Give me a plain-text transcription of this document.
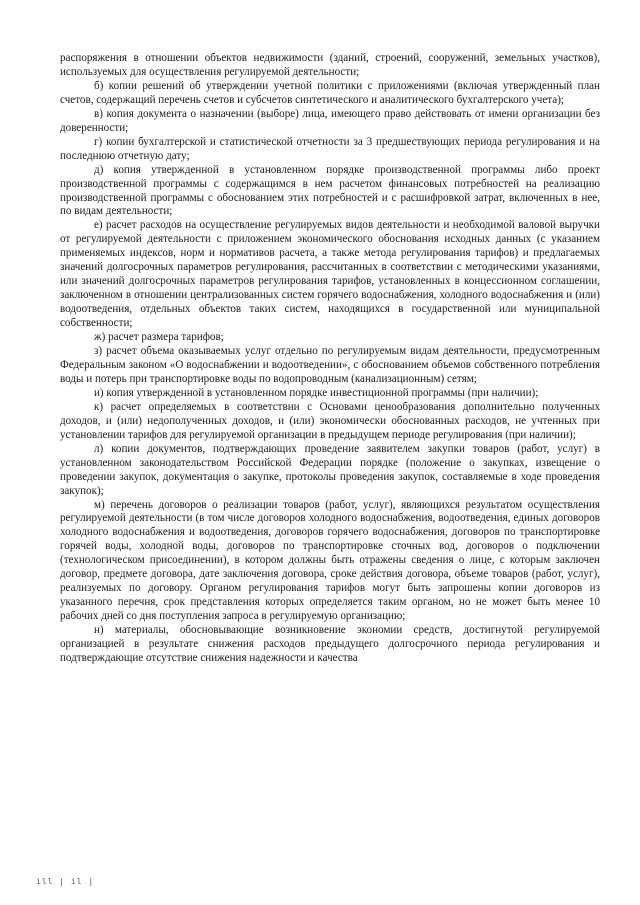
распоряжения в отношении объектов недвижимости (зданий, строений, сооружений, земельных участков), используемых для осуществления регулируемой деятельности;

б) копии решений об утверждении учетной политики с приложениями (включая утвержденный план счетов, содержащий перечень счетов и субсчетов синтетического и аналитического бухгалтерского учета);

в) копия документа о назначении (выборе) лица, имеющего право действовать от имени организации без доверенности;

г) копии бухгалтерской и статистической отчетности за 3 предшествующих периода регулирования и на последнюю отчетную дату;

д) копия утвержденной в установленном порядке производственной программы либо проект производственной программы с содержащимся в нем расчетом финансовых потребностей на реализацию производственной программы с обоснованием этих потребностей и с расшифровкой затрат, включенных в нее, по видам деятельности;

е) расчет расходов на осуществление регулируемых видов деятельности и необходимой валовой выручки от регулируемой деятельности с приложением экономического обоснования исходных данных (с указанием применяемых индексов, норм и нормативов расчета, а также метода регулирования тарифов) и предлагаемых значений долгосрочных параметров регулирования, рассчитанных в соответствии с методическими указаниями, или значений долгосрочных параметров регулирования тарифов, установленных в концессионном соглашении, заключенном в отношении централизованных систем горячего водоснабжения, холодного водоснабжения и (или) водоотведения, отдельных объектов таких систем, находящихся в государственной или муниципальной собственности;

ж) расчет размера тарифов;

з) расчет объема оказываемых услуг отдельно по регулируемым видам деятельности, предусмотренным Федеральным законом «О водоснабжении и водоотведении», с обоснованием объемов собственного потребления воды и потерь при транспортировке воды по водопроводным (канализационным) сетям;

и) копия утвержденной в установленном порядке инвестиционной программы (при наличии);

к) расчет определяемых в соответствии с Основами ценообразования дополнительно полученных доходов, и (или) недополученных доходов, и (или) экономически обоснованных расходов, не учтенных при установлении тарифов для регулируемой организации в предыдущем периоде регулирования (при наличии);

л) копии документов, подтверждающих проведение заявителем закупки товаров (работ, услуг) в установленном законодательством Российской Федерации порядке (положение о закупках, извещение о проведении закупок, документация о закупке, протоколы проведения закупок, составляемые в ходе проведения закупок);

м) перечень договоров о реализации товаров (работ, услуг), являющихся результатом осуществления регулируемой деятельности (в том числе договоров холодного водоснабжения, водоотведения, единых договоров холодного водоснабжения и водоотведения, договоров горячего водоснабжения, договоров по транспортировке горячей воды, холодной воды, договоров по транспортировке сточных вод, договоров о подключении (технологическом присоединении), в котором должны быть отражены сведения о лице, с которым заключен договор, предмете договора, дате заключения договора, сроке действия договора, объеме товаров (работ, услуг), реализуемых по договору. Органом регулирования тарифов могут быть запрошены копии договоров из указанного перечня, срок представления которых определяется таким органом, но не может быть менее 10 рабочих дней со дня поступления запроса в регулируемую организацию;

н) материалы, обосновывающие возникновение экономии средств, достигнутой регулируемой организацией в результате снижения расходов предыдущего долгосрочного периода регулирования и подтверждающие отсутствие снижения надежности и качества

ill | il |
